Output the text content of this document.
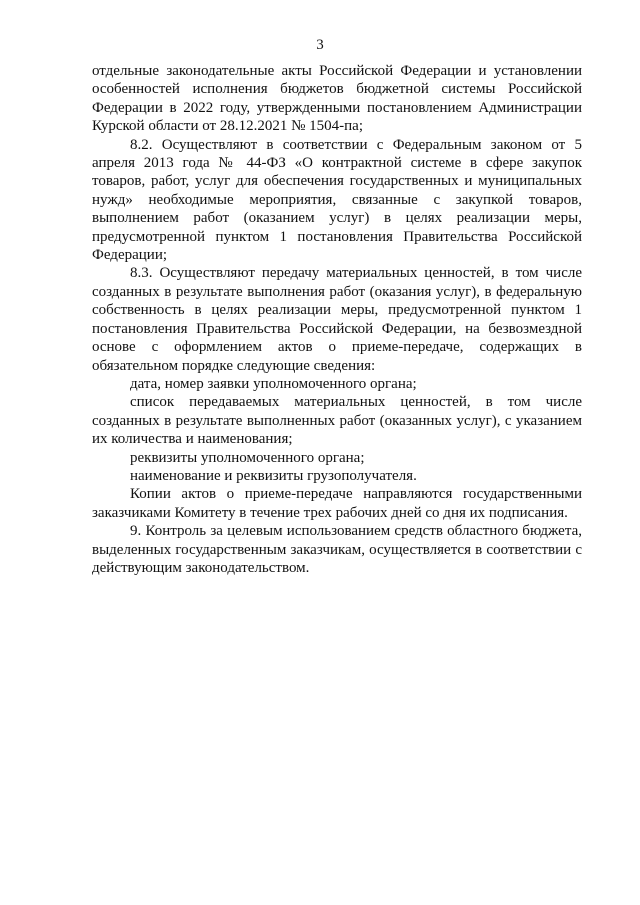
3

отдельные законодательные акты Российской Федерации и установлении особенностей исполнения бюджетов бюджетной системы Российской Федерации в 2022 году, утвержденными постановлением Администрации Курской области от 28.12.2021 № 1504-па;

8.2. Осуществляют в соответствии с Федеральным законом от 5 апреля 2013 года № 44-ФЗ «О контрактной системе в сфере закупок товаров, работ, услуг для обеспечения государственных и муниципальных нужд» необходимые мероприятия, связанные с закупкой товаров, выполнением работ (оказанием услуг) в целях реализации меры, предусмотренной пунктом 1 постановления Правительства Российской Федерации;

8.3. Осуществляют передачу материальных ценностей, в том числе созданных в результате выполнения работ (оказания услуг), в федеральную собственность в целях реализации меры, предусмотренной пунктом 1 постановления Правительства Российской Федерации, на безвозмездной основе с оформлением актов о приеме-передаче, содержащих в обязательном порядке следующие сведения:

дата, номер заявки уполномоченного органа;

список передаваемых материальных ценностей, в том числе созданных в результате выполненных работ (оказанных услуг), с указанием их количества и наименования;

реквизиты уполномоченного органа;

наименование и реквизиты грузополучателя.

Копии актов о приеме-передаче направляются государственными заказчиками Комитету в течение трех рабочих дней со дня их подписания.

9. Контроль за целевым использованием средств областного бюджета, выделенных государственным заказчикам, осуществляется в соответствии с действующим законодательством.
